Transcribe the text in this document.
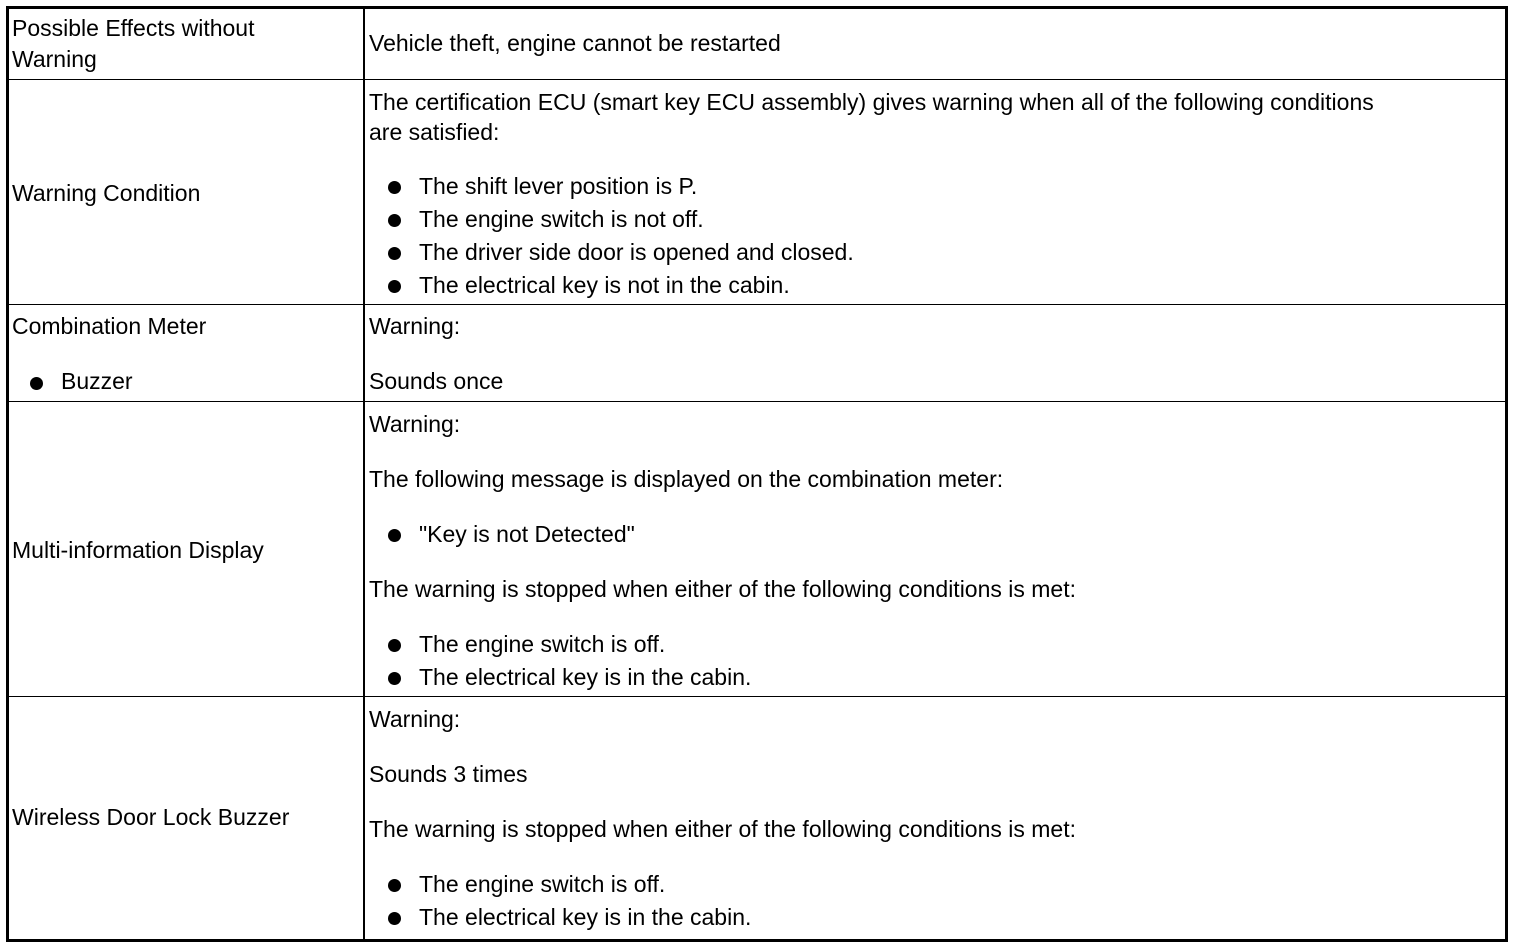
Possible Effects without
Warning
Vehicle theft, engine cannot be restarted
Warning Condition
The certification ECU (smart key ECU assembly) gives warning when all of the following conditions
are satisfied:
The shift lever position is P.
The engine switch is not off.
The driver side door is opened and closed.
The electrical key is not in the cabin.
Combination Meter
Buzzer
Warning:
Sounds once
Multi-information Display
Warning:
The following message is displayed on the combination meter:
"Key is not Detected"
The warning is stopped when either of the following conditions is met:
The engine switch is off.
The electrical key is in the cabin.
Wireless Door Lock Buzzer
Warning:
Sounds 3 times
The warning is stopped when either of the following conditions is met:
The engine switch is off.
The electrical key is in the cabin.
